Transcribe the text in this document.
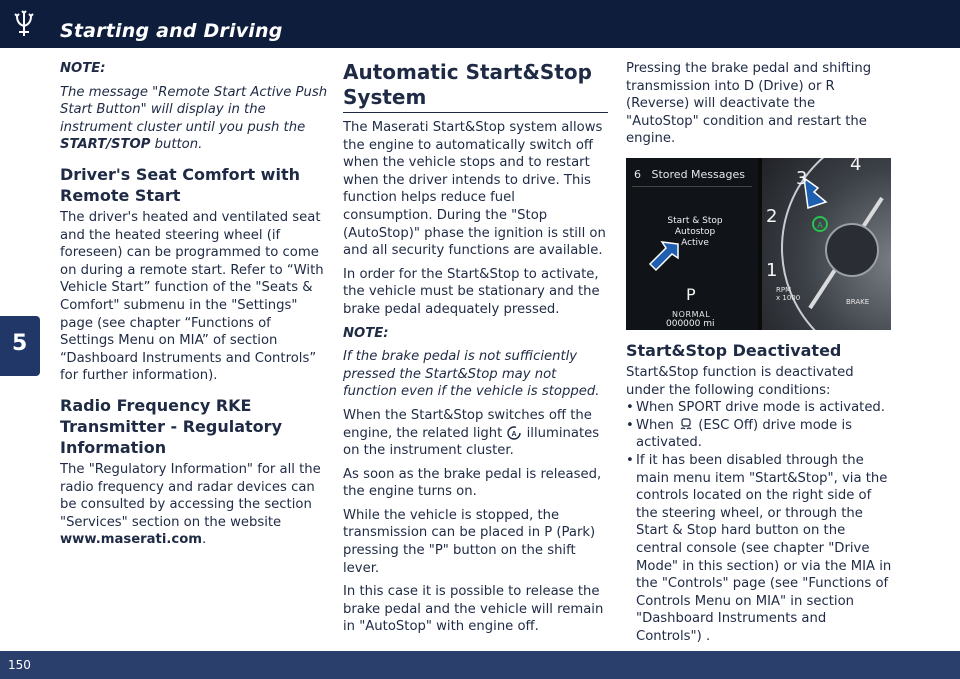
Starting and Driving
5

NOTE:

The message "Remote Start Active Push Start Button" will display in the instrument cluster until you push the START/STOP button.

Driver's Seat Comfort with Remote Start

The driver's heated and ventilated seat and the heated steering wheel (if foreseen) can be programmed to come on during a remote start. Refer to “With Vehicle Start” function of the "Seats & Comfort" submenu in the "Settings" page (see chapter “Functions of Settings Menu on MIA” of section “Dashboard Instruments and Controls” for further information).

Radio Frequency RKE Transmitter - Regulatory Information

The "Regulatory Information" for all the radio frequency and radar devices can be consulted by accessing the section "Services" section on the website www.maserati.com.

Automatic Start&Stop System

The Maserati Start&Stop system allows the engine to automatically switch off when the vehicle stops and to restart when the driver intends to drive. This function helps reduce fuel consumption. During the "Stop (AutoStop)" phase the ignition is still on and all security functions are available.

In order for the Start&Stop to activate, the vehicle must be stationary and the brake pedal adequately pressed.

NOTE:

If the brake pedal is not sufficiently pressed the Start&Stop may not function even if the vehicle is stopped.

When the Start&Stop switches off the engine, the related light A illuminates on the instrument cluster.

As soon as the brake pedal is released, the engine turns on.

While the vehicle is stopped, the transmission can be placed in P (Park) pressing the "P" button on the shift lever.

In this case it is possible to release the brake pedal and the vehicle will remain in "AutoStop" with engine off.

Pressing the brake pedal and shifting transmission into D (Drive) or R (Reverse) will deactivate the "AutoStop" condition and restart the engine.

6 Stored Messages
Start & Stop Autostop Active
P
NORMAL
000000 mi
A
1
2
3
4
RPM
x 1000	BRAKE
Start&Stop Deactivated

Start&Stop function is deactivated under the following conditions:

• When SPORT drive mode is activated.
• When  (ESC Off) drive mode is activated.
• If it has been disabled through the main menu item "Start&Stop", via the controls located on the right side of the steering wheel, or through the Start & Stop hard button on the central console (see chapter "Drive Mode" in this section) or via the MIA in the "Controls" page (see "Functions of Controls Menu on MIA" in section "Dashboard Instruments and Controls") .
150
